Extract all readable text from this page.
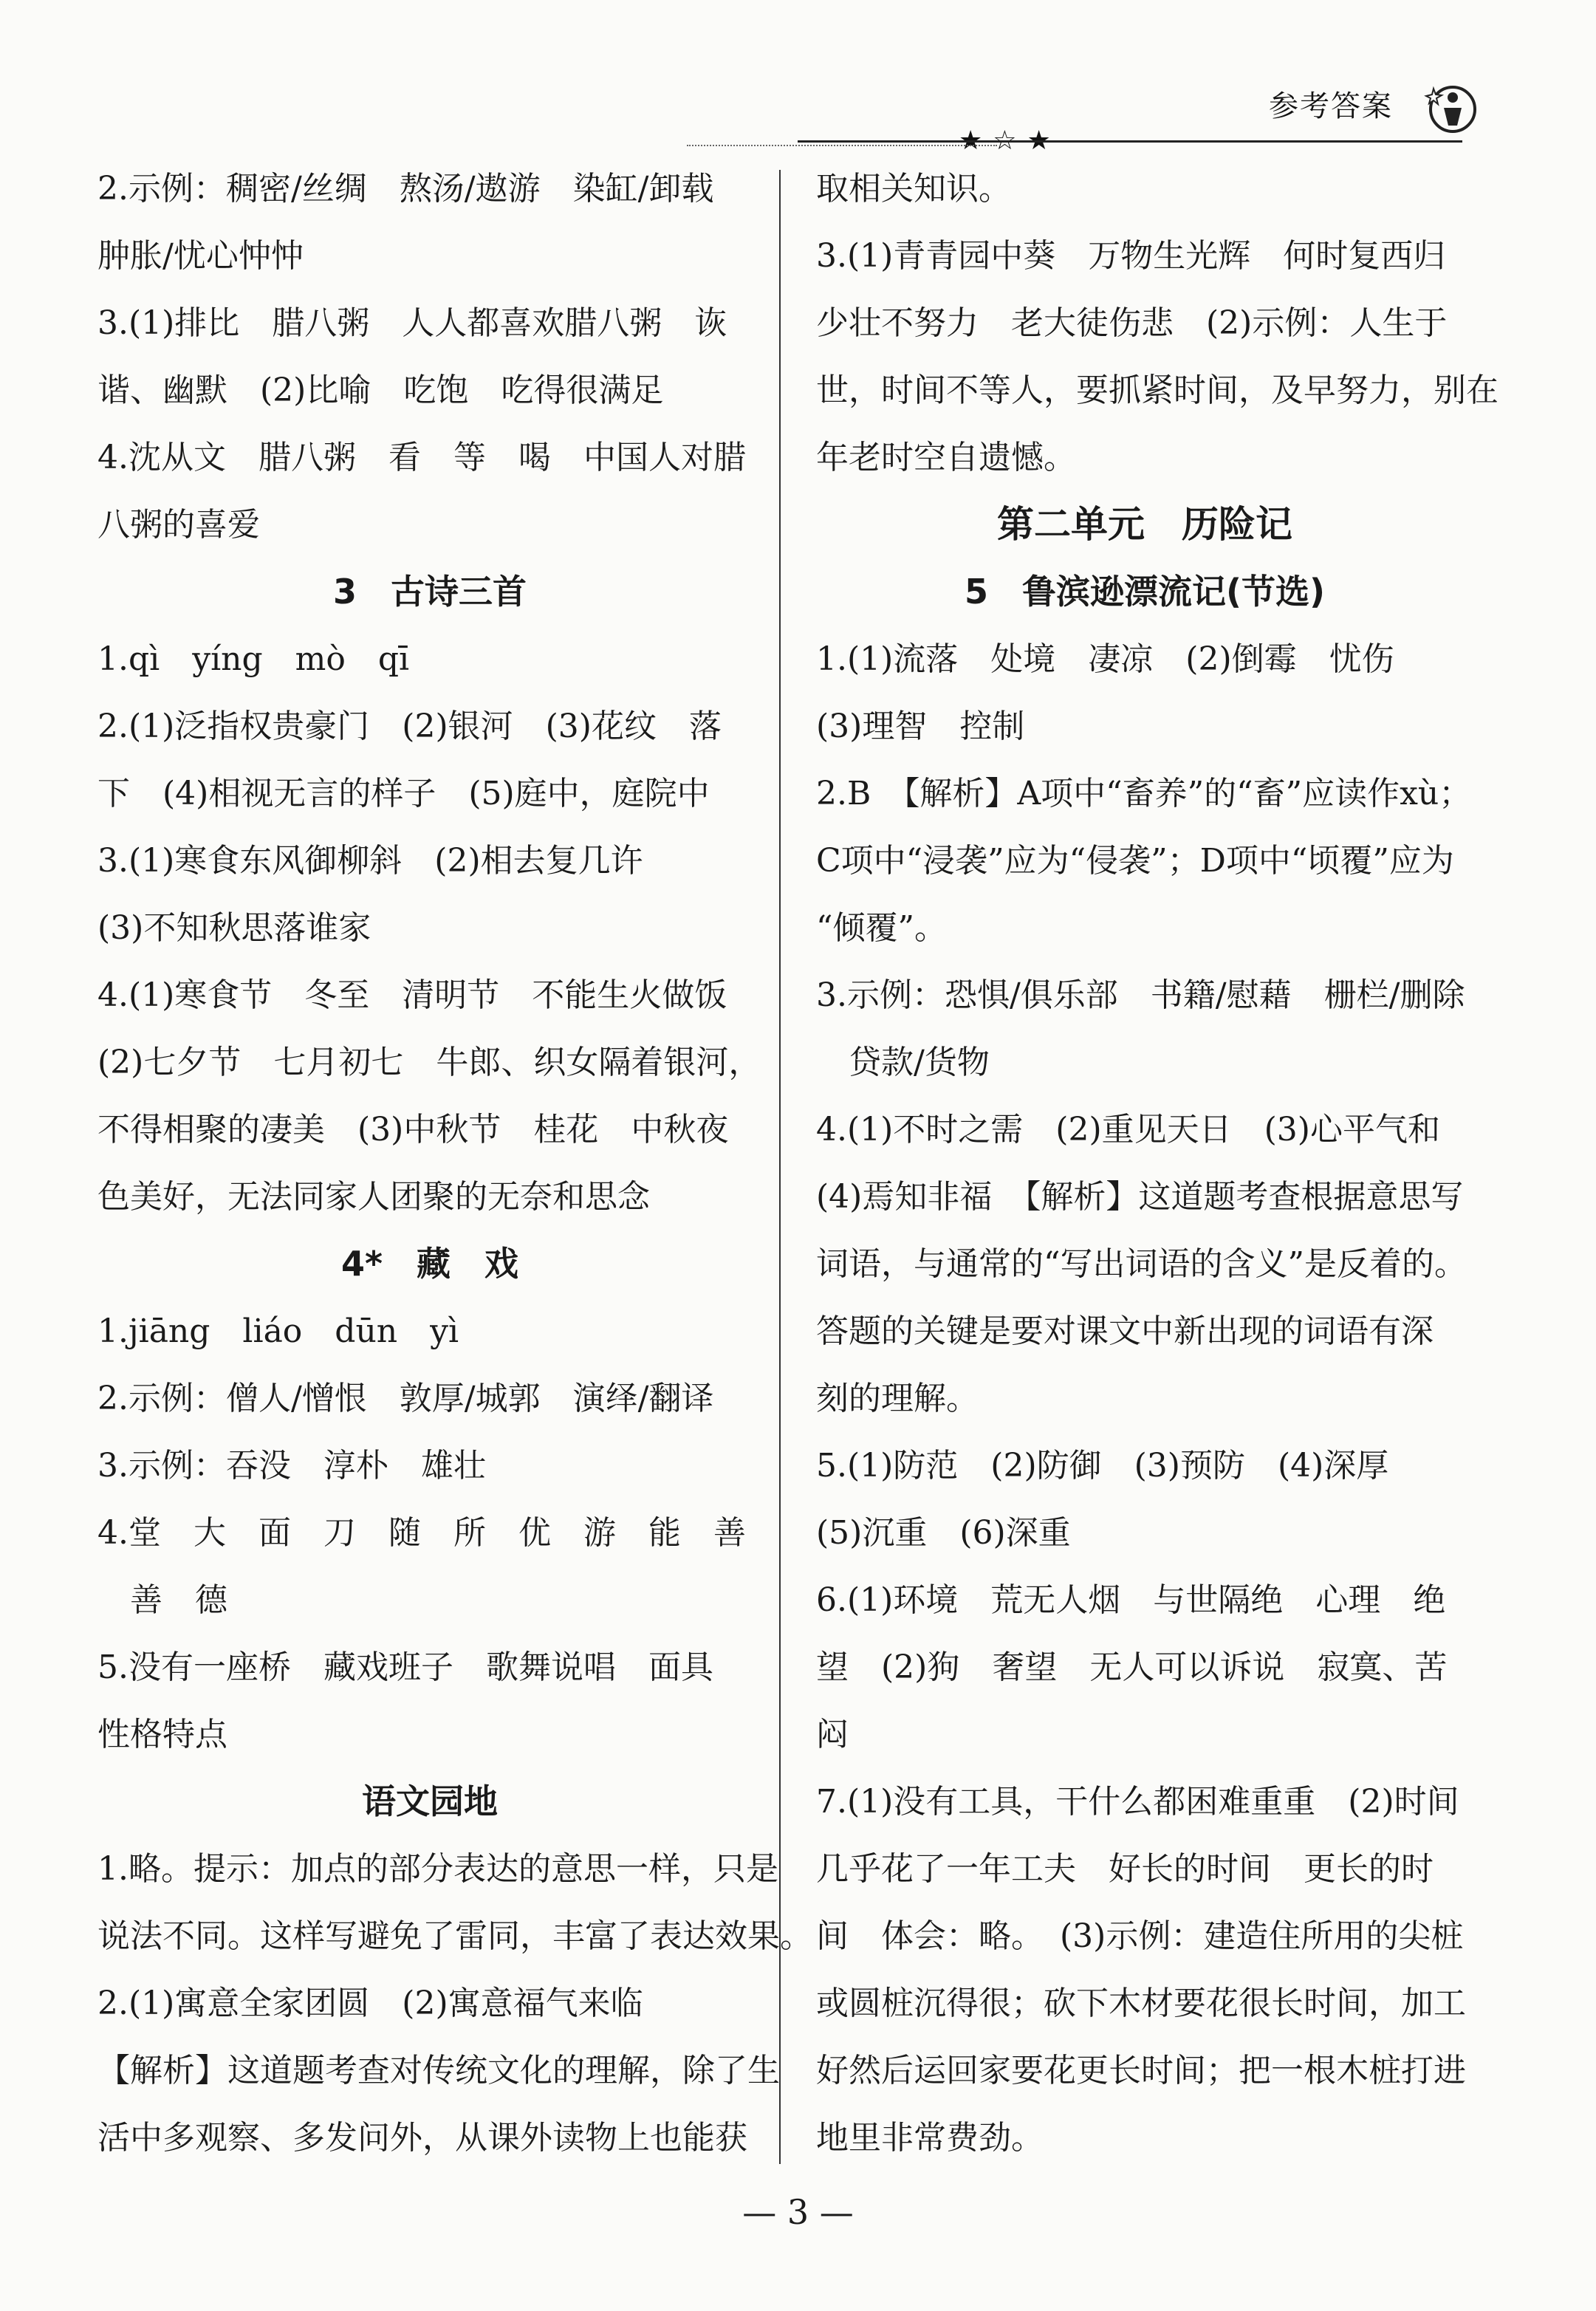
参考答案
★☆★
2.示例：稠密/丝绸　熬汤/遨游　染缸/卸载
肿胀/忧心忡忡
3.(1)排比　腊八粥　人人都喜欢腊八粥　诙
谐、幽默　(2)比喻　吃饱　吃得很满足
4.沈从文　腊八粥　看　等　喝　中国人对腊
八粥的喜爱
3　古诗三首
1.qì　yíng　mò　qī
2.(1)泛指权贵豪门　(2)银河　(3)花纹　落
下　(4)相视无言的样子　(5)庭中，庭院中
3.(1)寒食东风御柳斜　(2)相去复几许
(3)不知秋思落谁家
4.(1)寒食节　冬至　清明节　不能生火做饭
(2)七夕节　七月初七　牛郎、织女隔着银河，
不得相聚的凄美　(3)中秋节　桂花　中秋夜
色美好，无法同家人团聚的无奈和思念
4*　藏　戏
1.jiāng　liáo　dūn　yì
2.示例：僧人/憎恨　敦厚/城郭　演绎/翻译
3.示例：吞没　淳朴　雄壮
4.堂　大　面　刀　随　所　优　游　能　善
　善　德
5.没有一座桥　藏戏班子　歌舞说唱　面具
性格特点
语文园地
1.略。提示：加点的部分表达的意思一样，只是
说法不同。这样写避免了雷同，丰富了表达效果。
2.(1)寓意全家团圆　(2)寓意福气来临
【解析】这道题考查对传统文化的理解，除了生
活中多观察、多发问外，从课外读物上也能获
取相关知识。
3.(1)青青园中葵　万物生光辉　何时复西归
少壮不努力　老大徒伤悲　(2)示例：人生于
世，时间不等人，要抓紧时间，及早努力，别在
年老时空自遗憾。
第二单元　历险记
5　鲁滨逊漂流记(节选)
1.(1)流落　处境　凄凉　(2)倒霉　忧伤
(3)理智　控制
2.B　【解析】A项中“畜养”的“畜”应读作xù；
C项中“浸袭”应为“侵袭”；D项中“顷覆”应为
“倾覆”。
3.示例：恐惧/俱乐部　书籍/慰藉　栅栏/删除
　贷款/货物
4.(1)不时之需　(2)重见天日　(3)心平气和
(4)焉知非福　【解析】这道题考查根据意思写
词语，与通常的“写出词语的含义”是反着的。
答题的关键是要对课文中新出现的词语有深
刻的理解。
5.(1)防范　(2)防御　(3)预防　(4)深厚
(5)沉重　(6)深重
6.(1)环境　荒无人烟　与世隔绝　心理　绝
望　(2)狗　奢望　无人可以诉说　寂寞、苦
闷
7.(1)没有工具，干什么都困难重重　(2)时间
几乎花了一年工夫　好长的时间　更长的时
间　体会：略。　(3)示例：建造住所用的尖桩
或圆桩沉得很；砍下木材要花很长时间，加工
好然后运回家要花更长时间；把一根木桩打进
地里非常费劲。
— 3 —
